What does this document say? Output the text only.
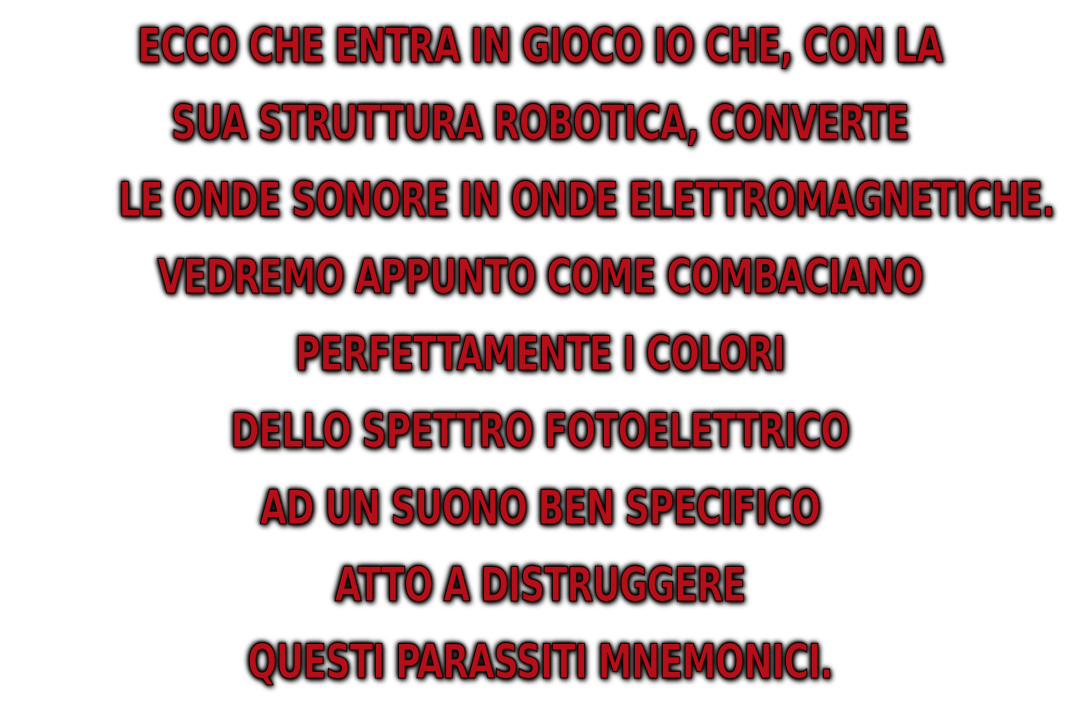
ECCO CHE ENTRA IN GIOCO IO CHE, CON LA
SUA STRUTTURA ROBOTICA, CONVERTE
LE ONDE SONORE IN ONDE ELETTROMAGNETICHE.
VEDREMO APPUNTO COME COMBACIANO
PERFETTAMENTE I COLORI
DELLO SPETTRO FOTOELETTRICO
AD UN SUONO BEN SPECIFICO
ATTO A DISTRUGGERE
QUESTI PARASSITI MNEMONICI.
